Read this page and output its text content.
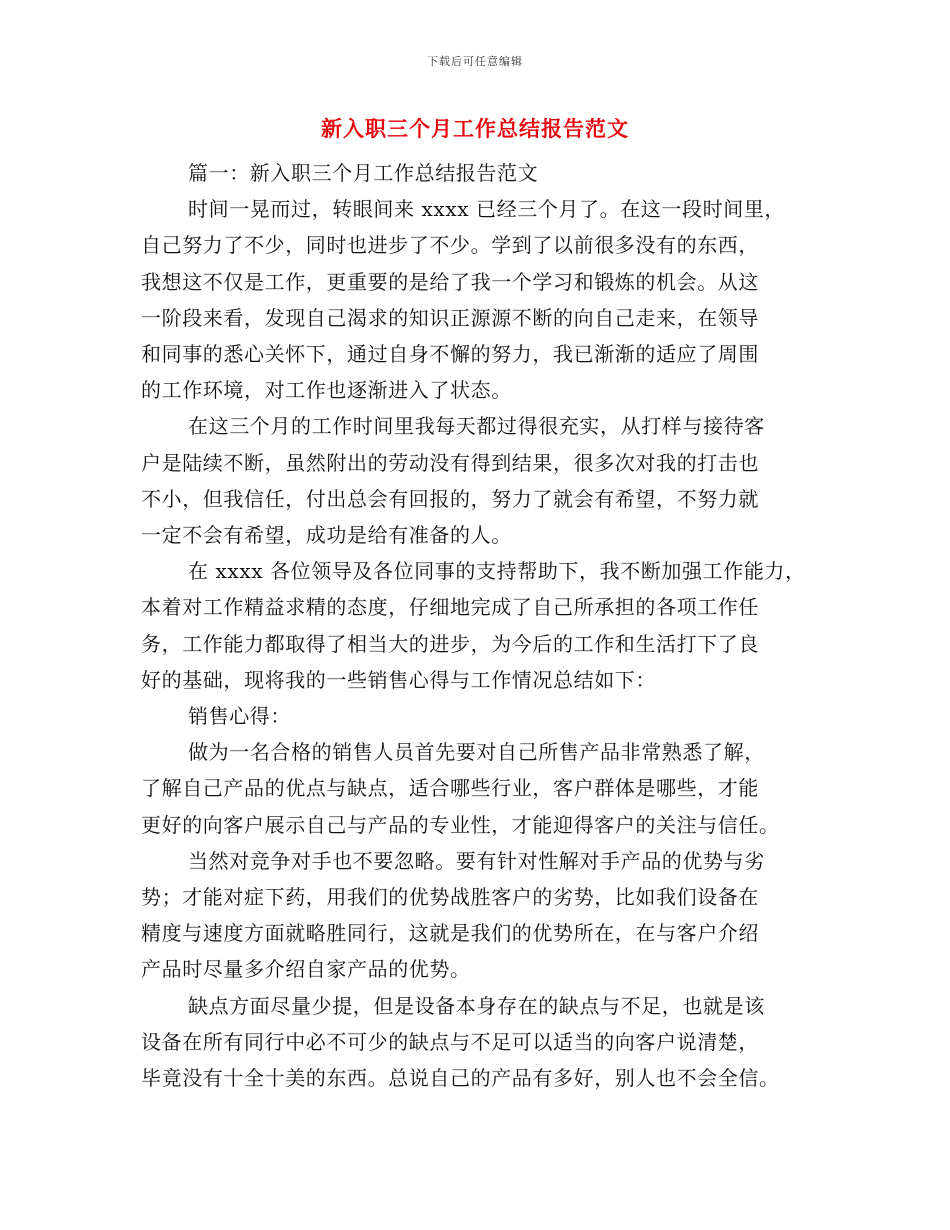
下载后可任意编辑
新入职三个月工作总结报告范文
篇一：新入职三个月工作总结报告范文
时间一晃而过，转眼间来 xxxx 已经三个月了。在这一段时间里，
自己努力了不少，同时也进步了不少。学到了以前很多没有的东西，
我想这不仅是工作，更重要的是给了我一个学习和锻炼的机会。从这
一阶段来看，发现自己渴求的知识正源源不断的向自己走来，在领导
和同事的悉心关怀下，通过自身不懈的努力，我已渐渐的适应了周围
的工作环境，对工作也逐渐进入了状态。
在这三个月的工作时间里我每天都过得很充实，从打样与接待客
户是陆续不断，虽然附出的劳动没有得到结果，很多次对我的打击也
不小，但我信任，付出总会有回报的，努力了就会有希望，不努力就
一定不会有希望，成功是给有准备的人。
在 xxxx 各位领导及各位同事的支持帮助下，我不断加强工作能力，
本着对工作精益求精的态度，仔细地完成了自己所承担的各项工作任
务，工作能力都取得了相当大的进步，为今后的工作和生活打下了良
好的基础，现将我的一些销售心得与工作情况总结如下：
销售心得：
做为一名合格的销售人员首先要对自己所售产品非常熟悉了解，
了解自己产品的优点与缺点，适合哪些行业，客户群体是哪些，才能
更好的向客户展示自己与产品的专业性，才能迎得客户的关注与信任。
当然对竞争对手也不要忽略。要有针对性解对手产品的优势与劣
势；才能对症下药，用我们的优势战胜客户的劣势，比如我们设备在
精度与速度方面就略胜同行，这就是我们的优势所在，在与客户介绍
产品时尽量多介绍自家产品的优势。
缺点方面尽量少提，但是设备本身存在的缺点与不足，也就是该
设备在所有同行中必不可少的缺点与不足可以适当的向客户说清楚，
毕竟没有十全十美的东西。总说自己的产品有多好，别人也不会全信。
